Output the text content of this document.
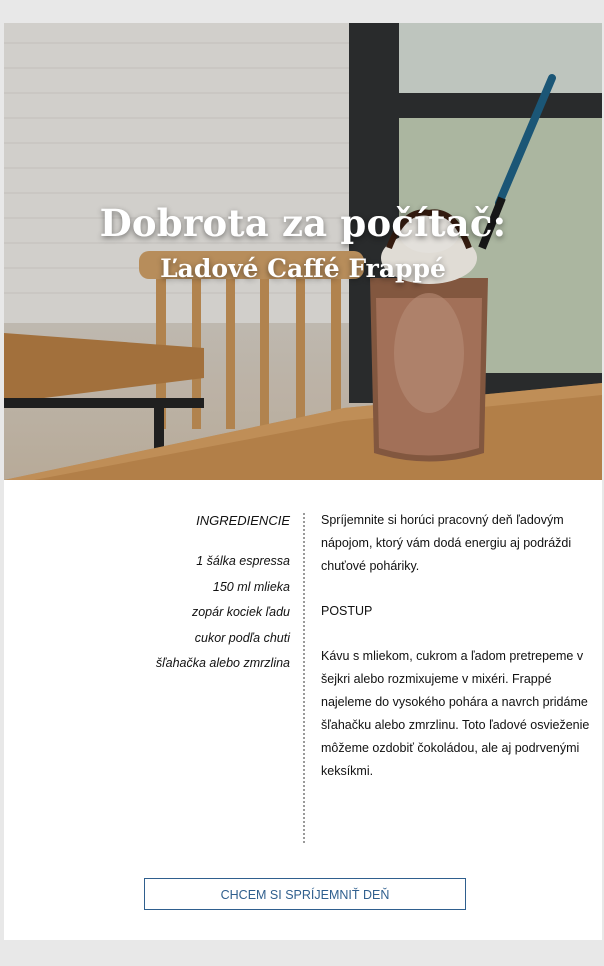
Dobrota za počítač:
Ľadové Caffé Frappé
INGREDIENCIE
1 šálka espressa
150 ml mlieka
zopár kociek ľadu
cukor podľa chuti
šľahačka alebo zmrzlina

Spríjemnite si horúci pracovný deň ľadovým nápojom, ktorý vám dodá energiu aj podráždi chuťové poháriky.

POSTUP

Kávu s mliekom, cukrom a ľadom pretrepeme v šejkri alebo rozmixujeme v mixéri. Frappé najeleme do vysokého pohára a navrch pridáme šľahačku alebo zmrzlinu. Toto ľadové osvieženie môžeme ozdobiť čokoládou, ale aj podrvenými keksíkmi.

CHCEM SI SPRÍJEMNIŤ DEŇ
